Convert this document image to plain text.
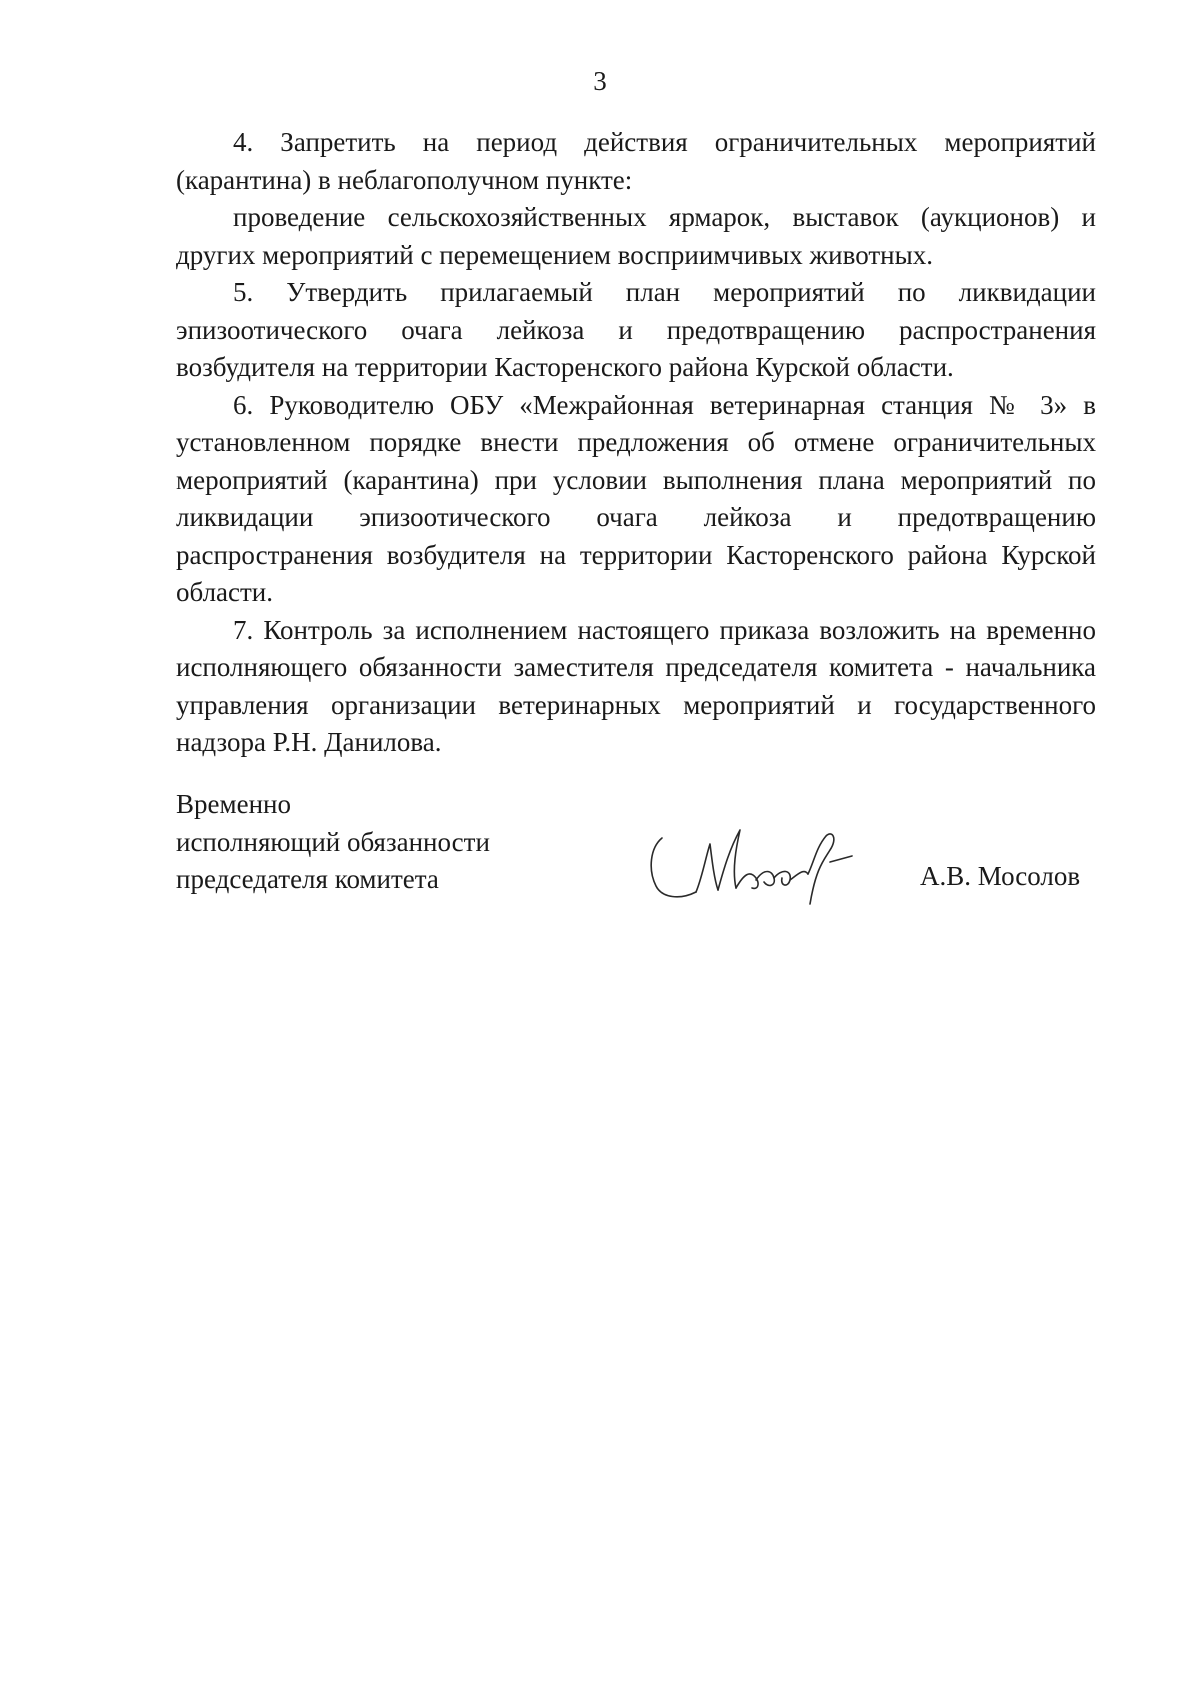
3

4. Запретить на период действия ограничительных мероприятий (карантина) в неблагополучном пункте:

проведение сельскохозяйственных ярмарок, выставок (аукционов) и других мероприятий с перемещением восприимчивых животных.

5. Утвердить прилагаемый план мероприятий по ликвидации эпизоотического очага лейкоза и предотвращению распространения возбудителя на территории Касторенского района Курской области.

6. Руководителю ОБУ «Межрайонная ветеринарная станция № 3» в установленном порядке внести предложения об отмене ограничительных мероприятий (карантина) при условии выполнения плана мероприятий по ликвидации эпизоотического очага лейкоза и предотвращению распространения возбудителя на территории Касторенского района Курской области.

7. Контроль за исполнением настоящего приказа возложить на временно исполняющего обязанности заместителя председателя комитета - начальника управления организации ветеринарных мероприятий и государственного надзора Р.Н. Данилова.

Временно
исполняющий обязанности
председателя комитета	А.В. Мосолов
